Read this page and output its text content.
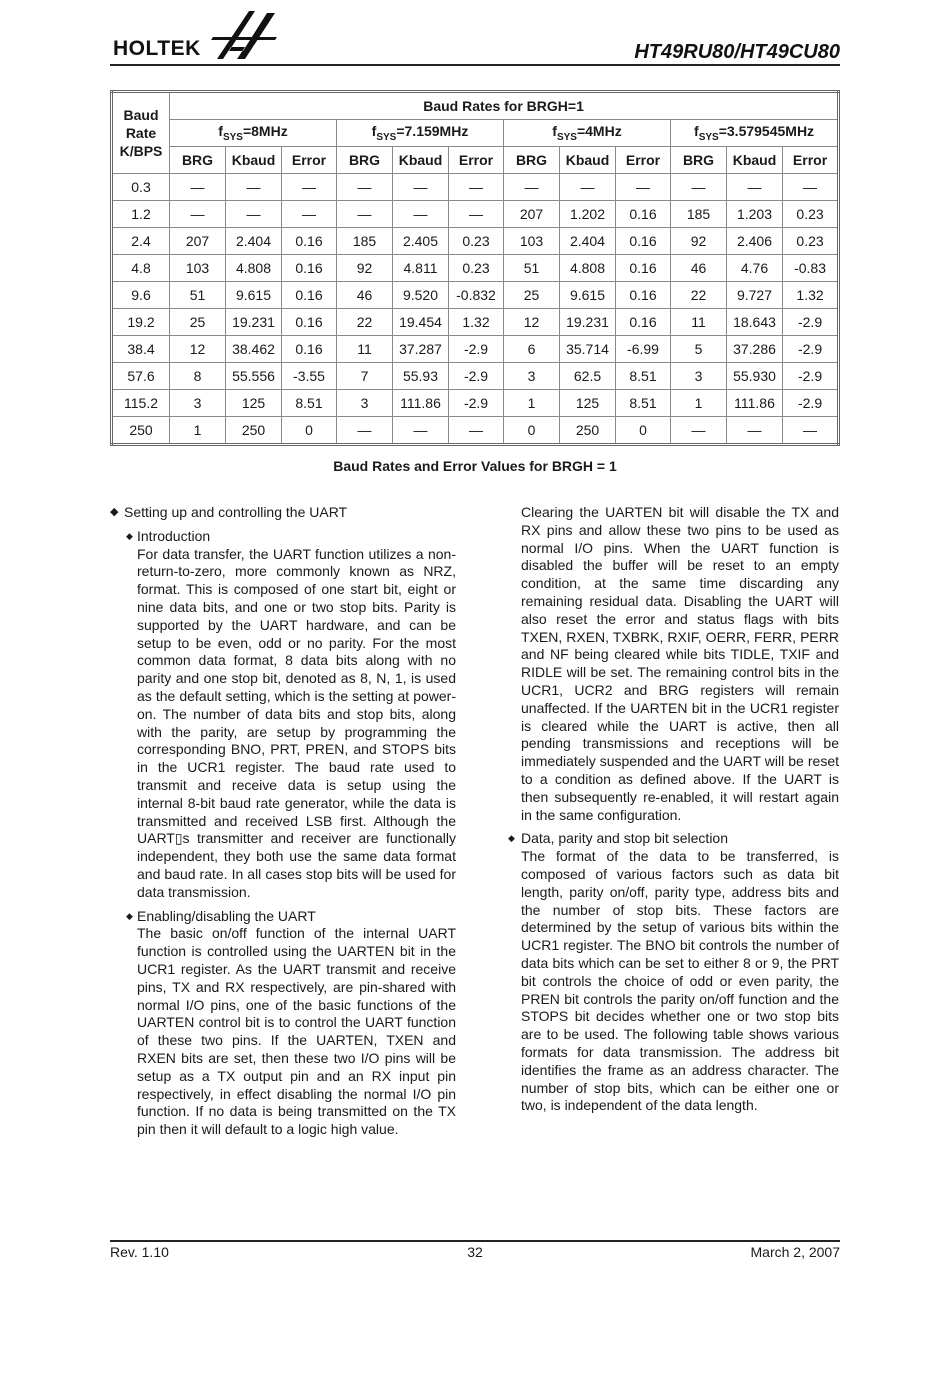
HOLTEK	HT49RU80/HT49CU80
Baud
Rate
K/BPS	Baud Rates for BRGH=1											
	$f_{SYS}=8MHz$			$f_{SYS}=7.159MHz$			$f_{SYS}=4MHz$			$f_{SYS}=3.579545MHz$		
	BRG	Kbaud	Error	BRG	Kbaud	Error	BRG	Kbaud	Error	BRG	Kbaud	Error
0.3	—	—	—	—	—	—	—	—	—	—	—	—
1.2	—	—	—	—	—	—	207	1.202	0.16	185	1.203	0.23
2.4	207	2.404	0.16	185	2.405	0.23	103	2.404	0.16	92	2.406	0.23
4.8	103	4.808	0.16	92	4.811	0.23	51	4.808	0.16	46	4.76	-0.83
9.6	51	9.615	0.16	46	9.520	-0.832	25	9.615	0.16	22	9.727	1.32
19.2	25	19.231	0.16	22	19.454	1.32	12	19.231	0.16	11	18.643	-2.9
38.4	12	38.462	0.16	11	37.287	-2.9	6	35.714	-6.99	5	37.286	-2.9
57.6	8	55.556	-3.55	7	55.93	-2.9	3	62.5	8.51	3	55.930	-2.9
115.2	3	125	8.51	3	111.86	-2.9	1	125	8.51	1	111.86	-2.9
250	1	250	0	—	—	—	0	250	0	—	—	—
Baud Rates and Error Values for BRGH = 1
◆ Setting up and controlling the UART
◆ Introduction
For data transfer, the UART function utilizes a non-return-to-zero, more commonly known as NRZ, format. This is composed of one start bit, eight or nine data bits, and one or two stop bits. Parity is supported by the UART hardware, and can be setup to be even, odd or no parity. For the most common data format, 8 data bits along with no parity and one stop bit, denoted as 8, N, 1, is used as the default setting, which is the setting at power-on. The number of data bits and stop bits, along with the parity, are setup by programming the corresponding BNO, PRT, PREN, and STOPS bits in the UCR1 register. The baud rate used to transmit and receive data is setup using the internal 8-bit baud rate generator, while the data is transmitted and received LSB first. Although the UART▯s transmitter and receiver are functionally independent, they both use the same data format and baud rate. In all cases stop bits will be used for data transmission.
◆ Enabling/disabling the UART
The basic on/off function of the internal UART function is controlled using the UARTEN bit in the UCR1 register. As the UART transmit and receive pins, TX and RX respectively, are pin-shared with normal I/O pins, one of the basic functions of the UARTEN control bit is to control the UART function of these two pins. If the UARTEN, TXEN and RXEN bits are set, then these two I/O pins will be setup as a TX output pin and an RX input pin respectively, in effect disabling the normal I/O pin function. If no data is being transmitted on the TX pin then it will default to a logic high value.
Clearing the UARTEN bit will disable the TX and RX pins and allow these two pins to be used as normal I/O pins. When the UART function is disabled the buffer will be reset to an empty condition, at the same time discarding any remaining residual data. Disabling the UART will also reset the error and status flags with bits TXEN, RXEN, TXBRK, RXIF, OERR, FERR, PERR and NF being cleared while bits TIDLE, TXIF and RIDLE will be set. The remaining control bits in the UCR1, UCR2 and BRG registers will remain unaffected. If the UARTEN bit in the UCR1 register is cleared while the UART is active, then all pending transmissions and receptions will be immediately suspended and the UART will be reset to a condition as defined above. If the UART is then subsequently re-enabled, it will restart again in the same configuration.
◆ Data, parity and stop bit selection
The format of the data to be transferred, is composed of various factors such as data bit length, parity on/off, parity type, address bits and the number of stop bits. These factors are determined by the setup of various bits within the UCR1 register. The BNO bit controls the number of data bits which can be set to either 8 or 9, the PRT bit controls the choice of odd or even parity, the PREN bit controls the parity on/off function and the STOPS bit decides whether one or two stop bits are to be used. The following table shows various formats for data transmission. The address bit identifies the frame as an address character. The number of stop bits, which can be either one or two, is independent of the data length.
32
Rev. 1.10	March 2, 2007
